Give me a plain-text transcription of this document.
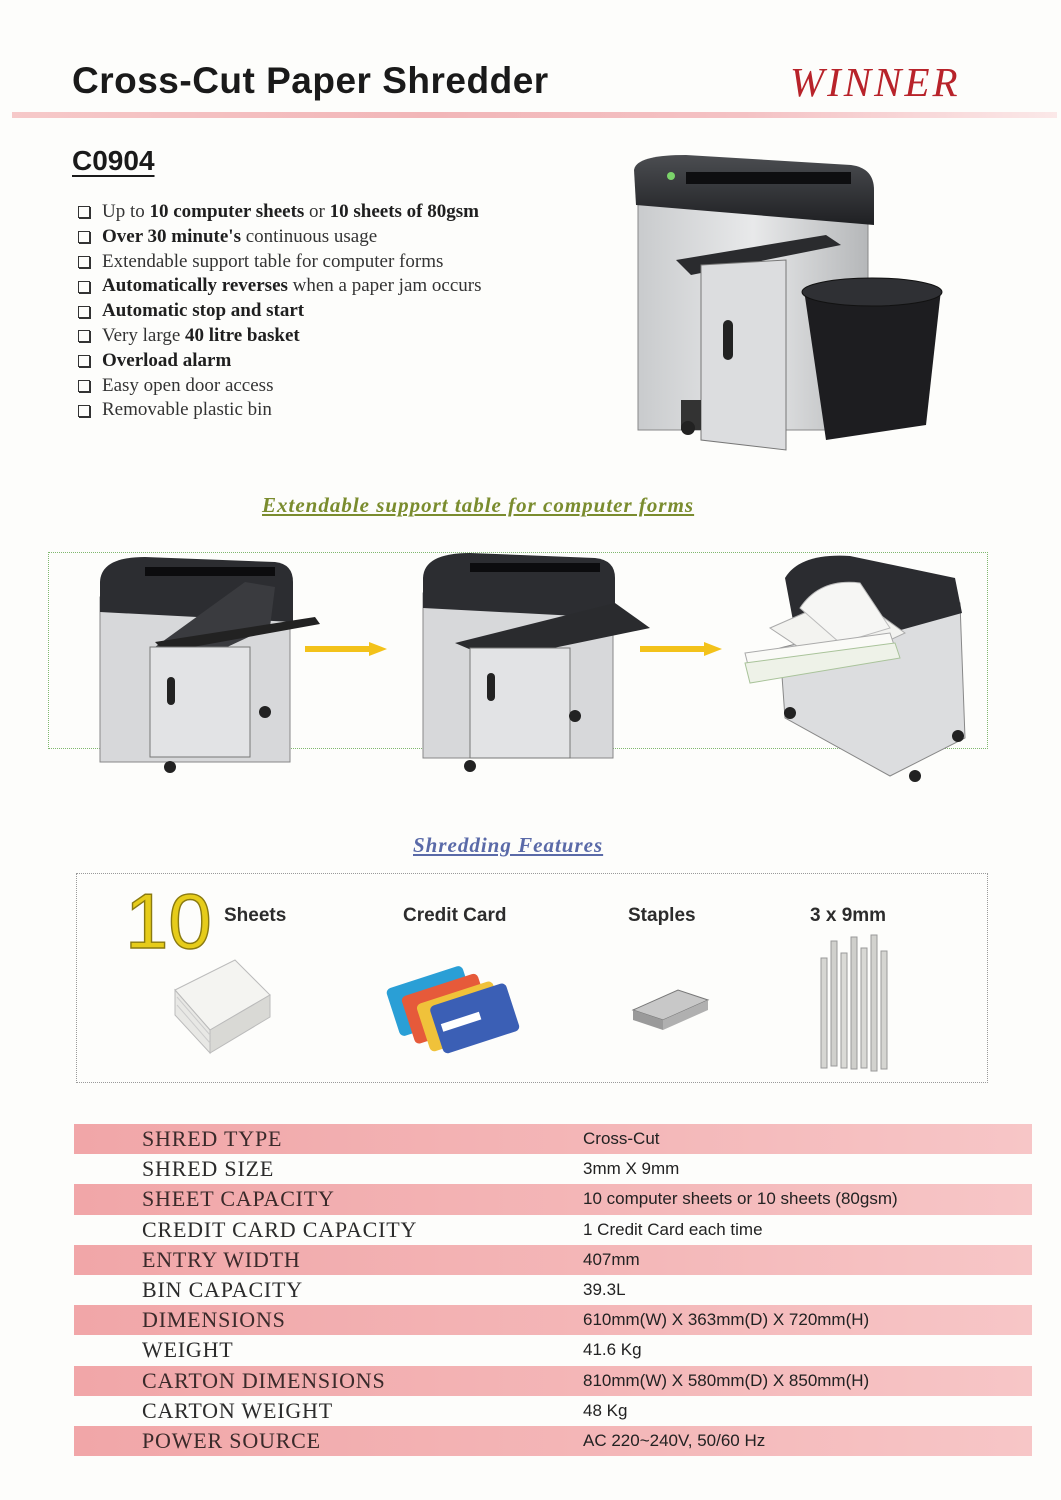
Cross-Cut Paper Shredder	WINNER
C0904
Up to 10 computer sheets or 10 sheets of 80gsm
Over 30 minute's continuous usage
Extendable support table for computer forms
Automatically reverses when a paper jam occurs
Automatic stop and start
Very large 40 litre basket
Overload alarm
Easy open door access
Removable plastic bin
Extendable support table for computer forms
Shredding Features
10 Sheets	Credit Card	Staples	3 x 9mm
SHRED TYPE	Cross-Cut
SHRED SIZE	3mm X 9mm
SHEET CAPACITY	10 computer sheets or 10 sheets (80gsm)
CREDIT CARD CAPACITY	1 Credit Card each time
ENTRY WIDTH	407mm
BIN CAPACITY	39.3L
DIMENSIONS	610mm(W) X 363mm(D) X 720mm(H)
WEIGHT	41.6 Kg
CARTON DIMENSIONS	810mm(W) X 580mm(D) X 850mm(H)
CARTON WEIGHT	48 Kg
POWER SOURCE	AC 220~240V, 50/60 Hz
